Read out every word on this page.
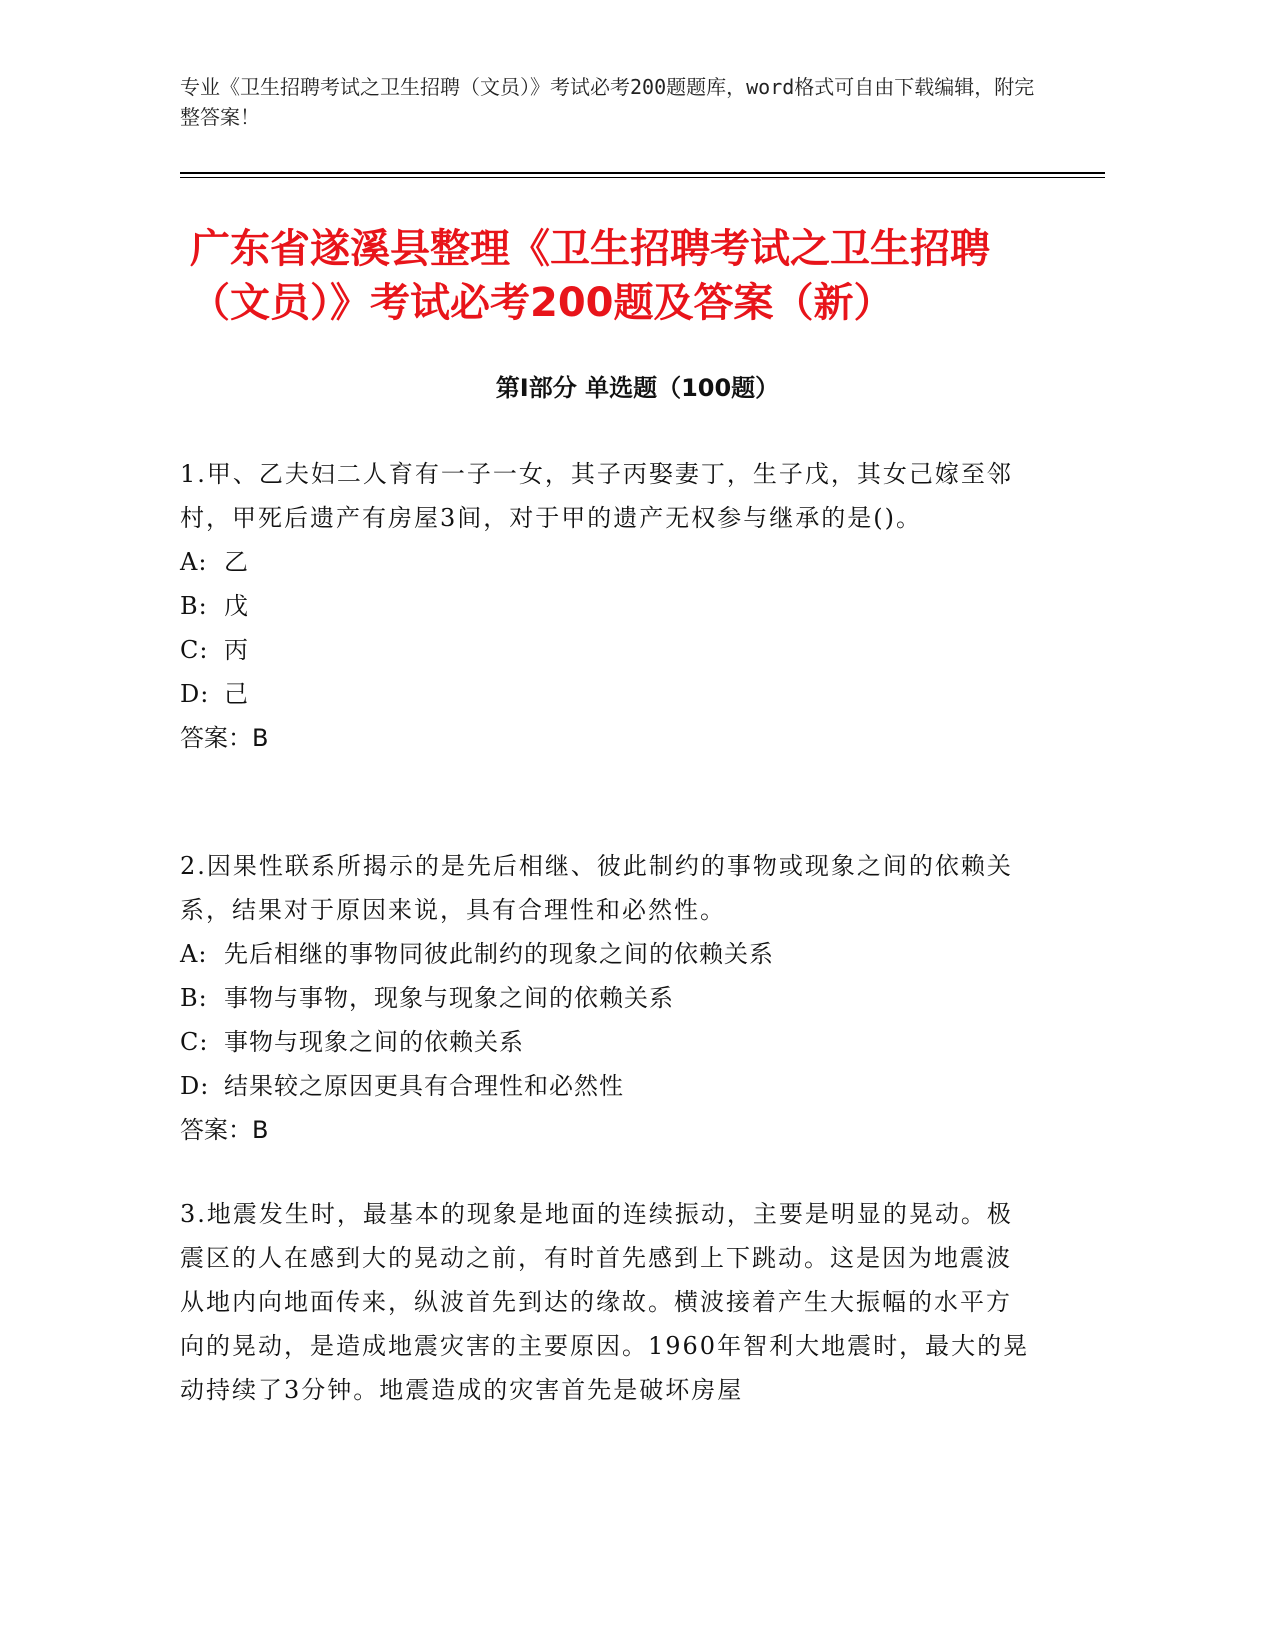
专业《卫生招聘考试之卫生招聘（文员）》考试必考200题题库，word格式可自由下载编辑，附完整答案！
广东省遂溪县整理《卫生招聘考试之卫生招聘（文员）》考试必考200题及答案（新）
第Ⅰ部分 单选题（100题）

1.甲、乙夫妇二人育有一子一女，其子丙娶妻丁，生子戊，其女己嫁至邻村，甲死后遗产有房屋3间，对于甲的遗产无权参与继承的是()。

A: 乙
B: 戊
C: 丙
D: 己
答案：B

2.因果性联系所揭示的是先后相继、彼此制约的事物或现象之间的依赖关系，结果对于原因来说，具有合理性和必然性。

A: 先后相继的事物同彼此制约的现象之间的依赖关系
B: 事物与事物，现象与现象之间的依赖关系
C: 事物与现象之间的依赖关系
D: 结果较之原因更具有合理性和必然性
答案：B

3.地震发生时，最基本的现象是地面的连续振动，主要是明显的晃动。极震区的人在感到大的晃动之前，有时首先感到上下跳动。这是因为地震波从地内向地面传来，纵波首先到达的缘故。横波接着产生大振幅的水平方向的晃动，是造成地震灾害的主要原因。1960年智利大地震时，最大的晃动持续了3分钟。地震造成的灾害首先是破坏房屋
